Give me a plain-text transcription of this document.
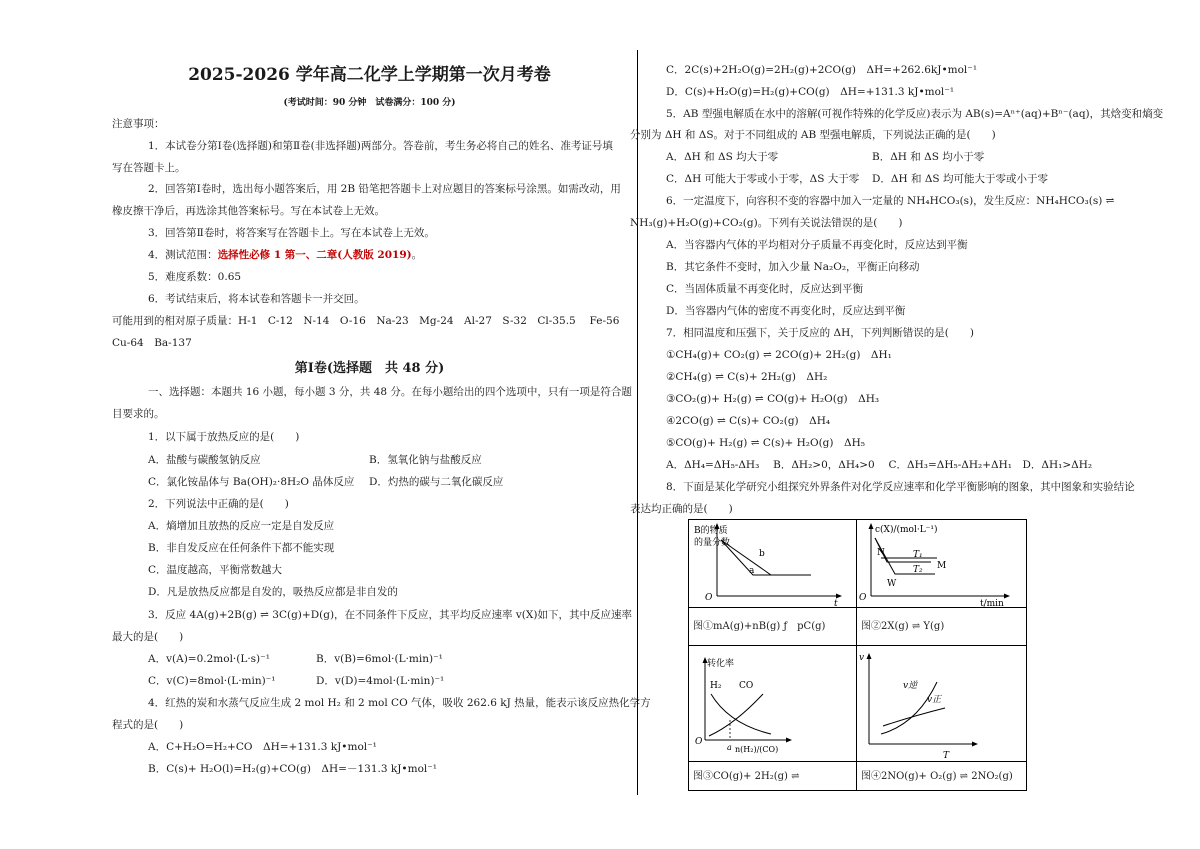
2025-2026 学年高二化学上学期第一次月考卷
(考试时间：90 分钟　试卷满分：100 分)
注意事项：
1．本试卷分第Ⅰ卷(选择题)和第Ⅱ卷(非选择题)两部分。答卷前，考生务必将自己的姓名、准考证号填
写在答题卡上。
2．回答第Ⅰ卷时，选出每小题答案后，用 2B 铅笔把答题卡上对应题目的答案标号涂黑。如需改动，用
橡皮擦干净后，再选涂其他答案标号。写在本试卷上无效。
3．回答第Ⅱ卷时，将答案写在答题卡上。写在本试卷上无效。
4．测试范围：选择性必修 1 第一、二章(人教版 2019)。
5．难度系数：0.65
6．考试结束后，将本试卷和答题卡一并交回。
可能用到的相对原子质量：H-1　C-12　N-14　O-16　Na-23　Mg-24　Al-27　S-32　Cl-35.5　 Fe-56
Cu-64　Ba-137
第Ⅰ卷(选择题　共 48 分)
一、选择题：本题共 16 小题，每小题 3 分，共 48 分。在每小题给出的四个选项中，只有一项是符合题
目要求的。
1．以下属于放热反应的是(　　)
A．盐酸与碳酸氢钠反应	B．氢氧化钠与盐酸反应
C．氯化铵晶体与 Ba(OH)₂·8H₂O 晶体反应 D．灼热的碳与二氧化碳反应
2．下列说法中正确的是(　　)
A．熵增加且放热的反应一定是自发反应
B．非自发反应在任何条件下都不能实现
C．温度越高，平衡常数越大
D．凡是放热反应都是自发的，吸热反应都是非自发的
3．反应 4A(g)+2B(g) ⇌ 3C(g)+D(g)，在不同条件下反应，其平均反应速率 v(X)如下，其中反应速率
最大的是(　　)
A．v(A)=0.2mol·(L·s)⁻¹	B．v(B)=6mol·(L·min)⁻¹
C．v(C)=8mol·(L·min)⁻¹	D．v(D)=4mol·(L·min)⁻¹
4．红热的炭和水蒸气反应生成 2 mol H₂ 和 2 mol CO 气体，吸收 262.6 kJ 热量，能表示该反应热化学方
程式的是(　　)
A．C+H₂O=H₂+CO　ΔH=+131.3 kJ•mol⁻¹
B．C(s)+ H₂O(l)=H₂(g)+CO(g)　ΔH=－131.3 kJ•mol⁻¹
C．2C(s)+2H₂O(g)=2H₂(g)+2CO(g)　ΔH=+262.6kJ•mol⁻¹
D．C(s)+H₂O(g)=H₂(g)+CO(g)　ΔH=+131.3 kJ•mol⁻¹
5．AB 型强电解质在水中的溶解(可视作特殊的化学反应)表示为 AB(s)=Aⁿ⁺(aq)+Bⁿ⁻(aq)，其焓变和熵变
分别为 ΔH 和 ΔS。对于不同组成的 AB 型强电解质，下列说法正确的是(　　)
A．ΔH 和 ΔS 均大于零	B．ΔH 和 ΔS 均小于零
C．ΔH 可能大于零或小于零，ΔS 大于零 D．ΔH 和 ΔS 均可能大于零或小于零
6．一定温度下，向容积不变的容器中加入一定量的 NH₄HCO₃(s)，发生反应：NH₄HCO₃(s) ⇌
NH₃(g)+H₂O(g)+CO₂(g)。下列有关说法错误的是(　　)
A．当容器内气体的平均相对分子质量不再变化时，反应达到平衡
B．其它条件不变时，加入少量 Na₂O₂，平衡正向移动
C．当固体质量不再变化时，反应达到平衡
D．当容器内气体的密度不再变化时，反应达到平衡
7．相同温度和压强下，关于反应的 ΔH，下列判断错误的是(　　)
①CH₄(g)+ CO₂(g) ⇌ 2CO(g)+ 2H₂(g)　ΔH₁
②CH₄(g) ⇌ C(s)+ 2H₂(g)　ΔH₂
③CO₂(g)+ H₂(g) ⇌ CO(g)+ H₂O(g)　ΔH₃
④2CO(g) ⇌ C(s)+ CO₂(g)　ΔH₄
⑤CO(g)+ H₂(g) ⇌ C(s)+ H₂O(g)　ΔH₅
A．ΔH₄=ΔH₅-ΔH₃　 B．ΔH₂>0，ΔH₄>0　 C．ΔH₃=ΔH₅-ΔH₂+ΔH₁　D．ΔH₁>ΔH₂
8．下面是某化学研究小组探究外界条件对化学反应速率和化学平衡影响的图象，其中图象和实验结论
表达均正确的是(　　)
B的物质
的量分数
O
t
b
a
c(X)/(mol·L⁻¹)
O
t/min
N
M
W
T₁
T₂
图①mA(g)+nB(g) ƒ　pC(g)	图②2X(g) ⇌ Y(g)
转化率
O
n(H₂)/(CO)
H₂ CO
a
v
T
v逆
v正
图③CO(g)+ 2H₂(g) ⇌	图④2NO(g)+ O₂(g) ⇌ 2NO₂(g)
